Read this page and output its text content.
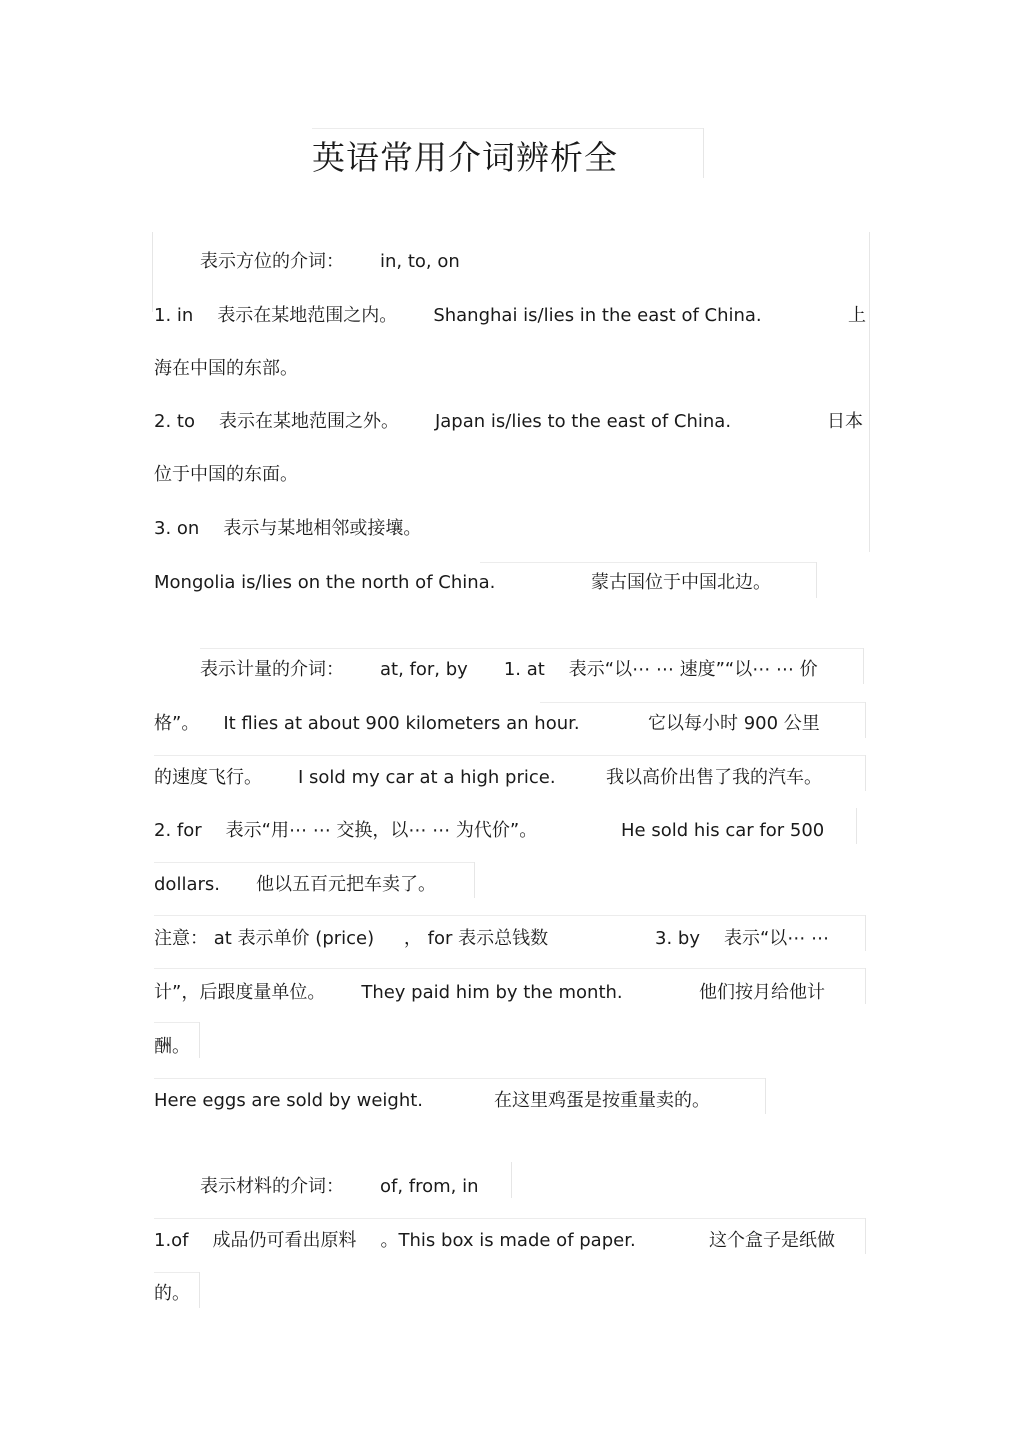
英语常用介词辨析全
表示方位的介词： in, to, on
1. in 表示在某地范围之内。 Shanghai is/lies in the east of China.	上
海在中国的东部。
2. to 表示在某地范围之外。 Japan is/lies to the east of China.	日本
位于中国的东面。
3. on 表示与某地相邻或接壤。
Mongolia is/lies on the north of China.	蒙古国位于中国北边。
表示计量的介词： at, for, by 1. at 表示“以⋯ ⋯ 速度”“以⋯ ⋯ 价
格”。 It flies at about 900 kilometers an hour.	它以每小时 900 公里
的速度飞行。 I sold my car at a high price.	我以高价出售了我的汽车。
2. for 表示“用⋯ ⋯ 交换，以⋯ ⋯ 为代价”。	He sold his car for 500
dollars. 他以五百元把车卖了。
注意： at 表示单价 (price) ， for 表示总钱数	3. by 表示“以⋯ ⋯
计”，后跟度量单位。 They paid him by the month.	他们按月给他计
酬。
Here eggs are sold by weight.	在这里鸡蛋是按重量卖的。
表示材料的介词： of, from, in
1.of 成品仍可看出原料 。This box is made of paper.	这个盒子是纸做
的。
